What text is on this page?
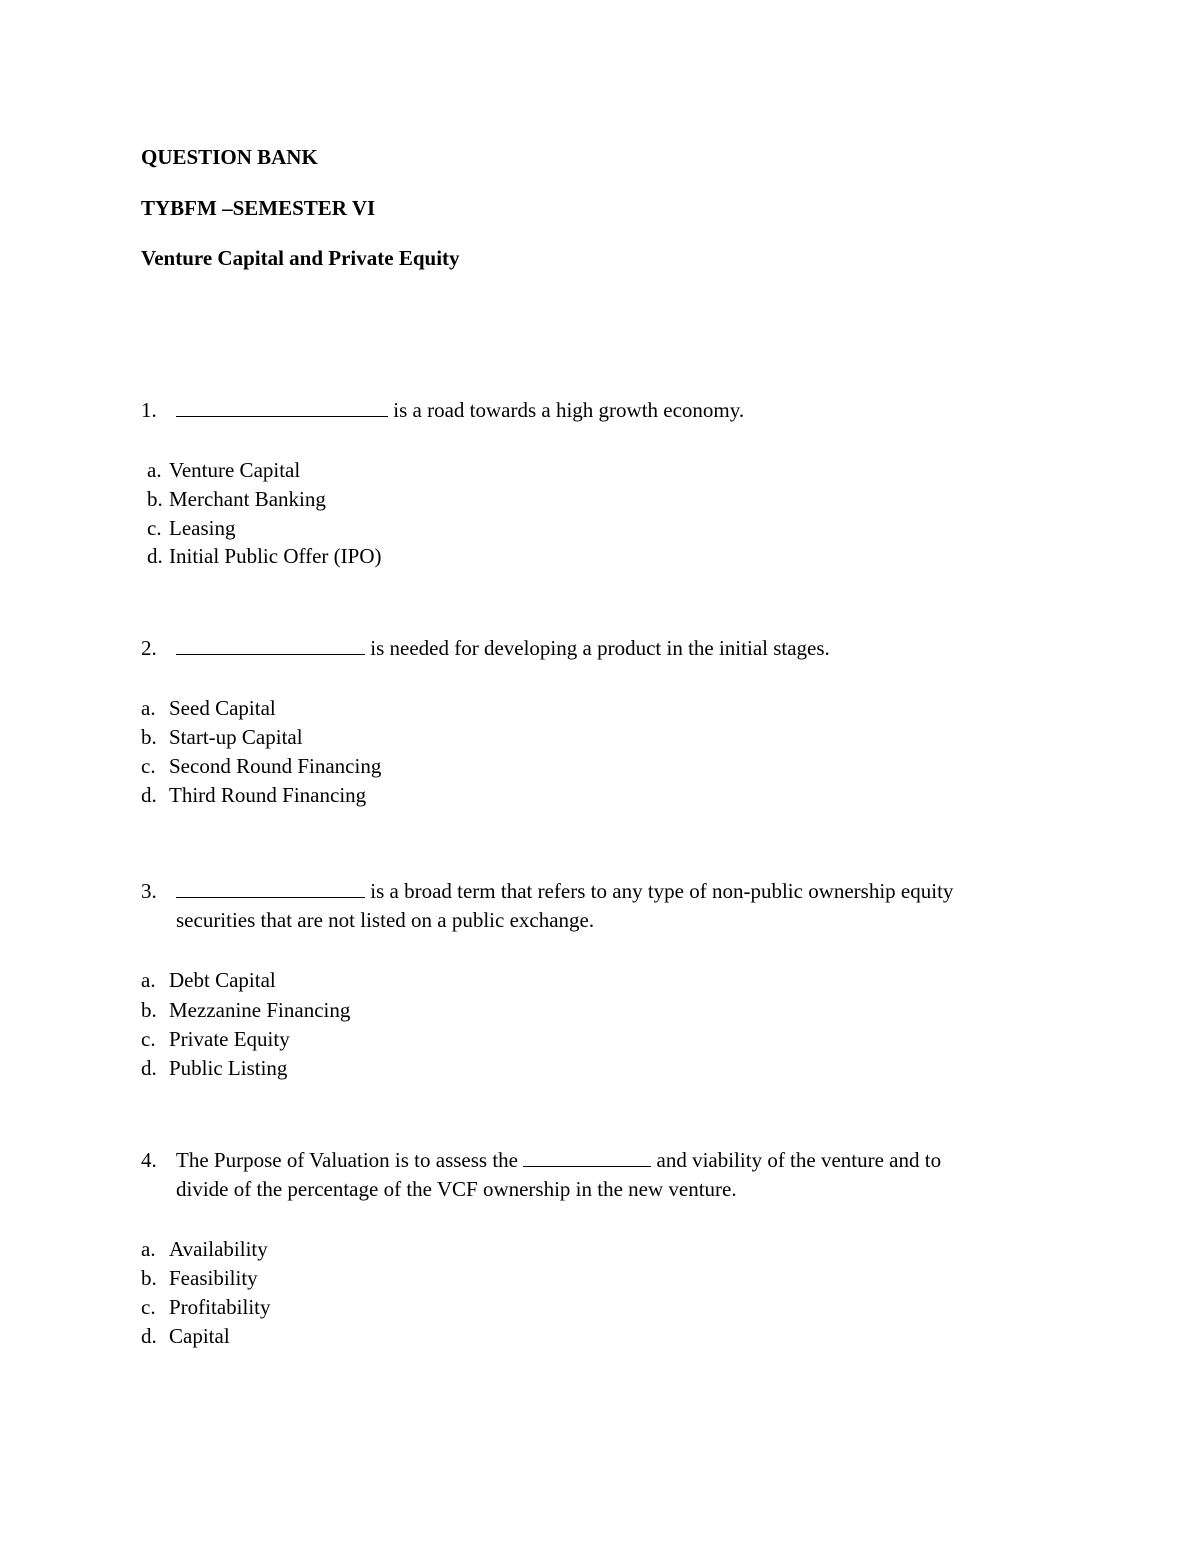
QUESTION BANK
TYBFM –SEMESTER VI
Venture Capital and Private Equity
1.	is a road towards a high growth economy.
a. Venture Capital
b. Merchant Banking
c. Leasing
d. Initial Public Offer (IPO)
2.	is needed for developing a product in the initial stages.
a. Seed Capital
b. Start-up Capital
c. Second Round Financing
d. Third Round Financing
3.	is a broad term that refers to any type of non-public ownership equity
securities that are not listed on a public exchange.
a. Debt Capital
b. Mezzanine Financing
c. Private Equity
d. Public Listing
4. The Purpose of Valuation is to assess the	and viability of the venture and to
divide of the percentage of the VCF ownership in the new venture.
a. Availability
b. Feasibility
c. Profitability
d. Capital
